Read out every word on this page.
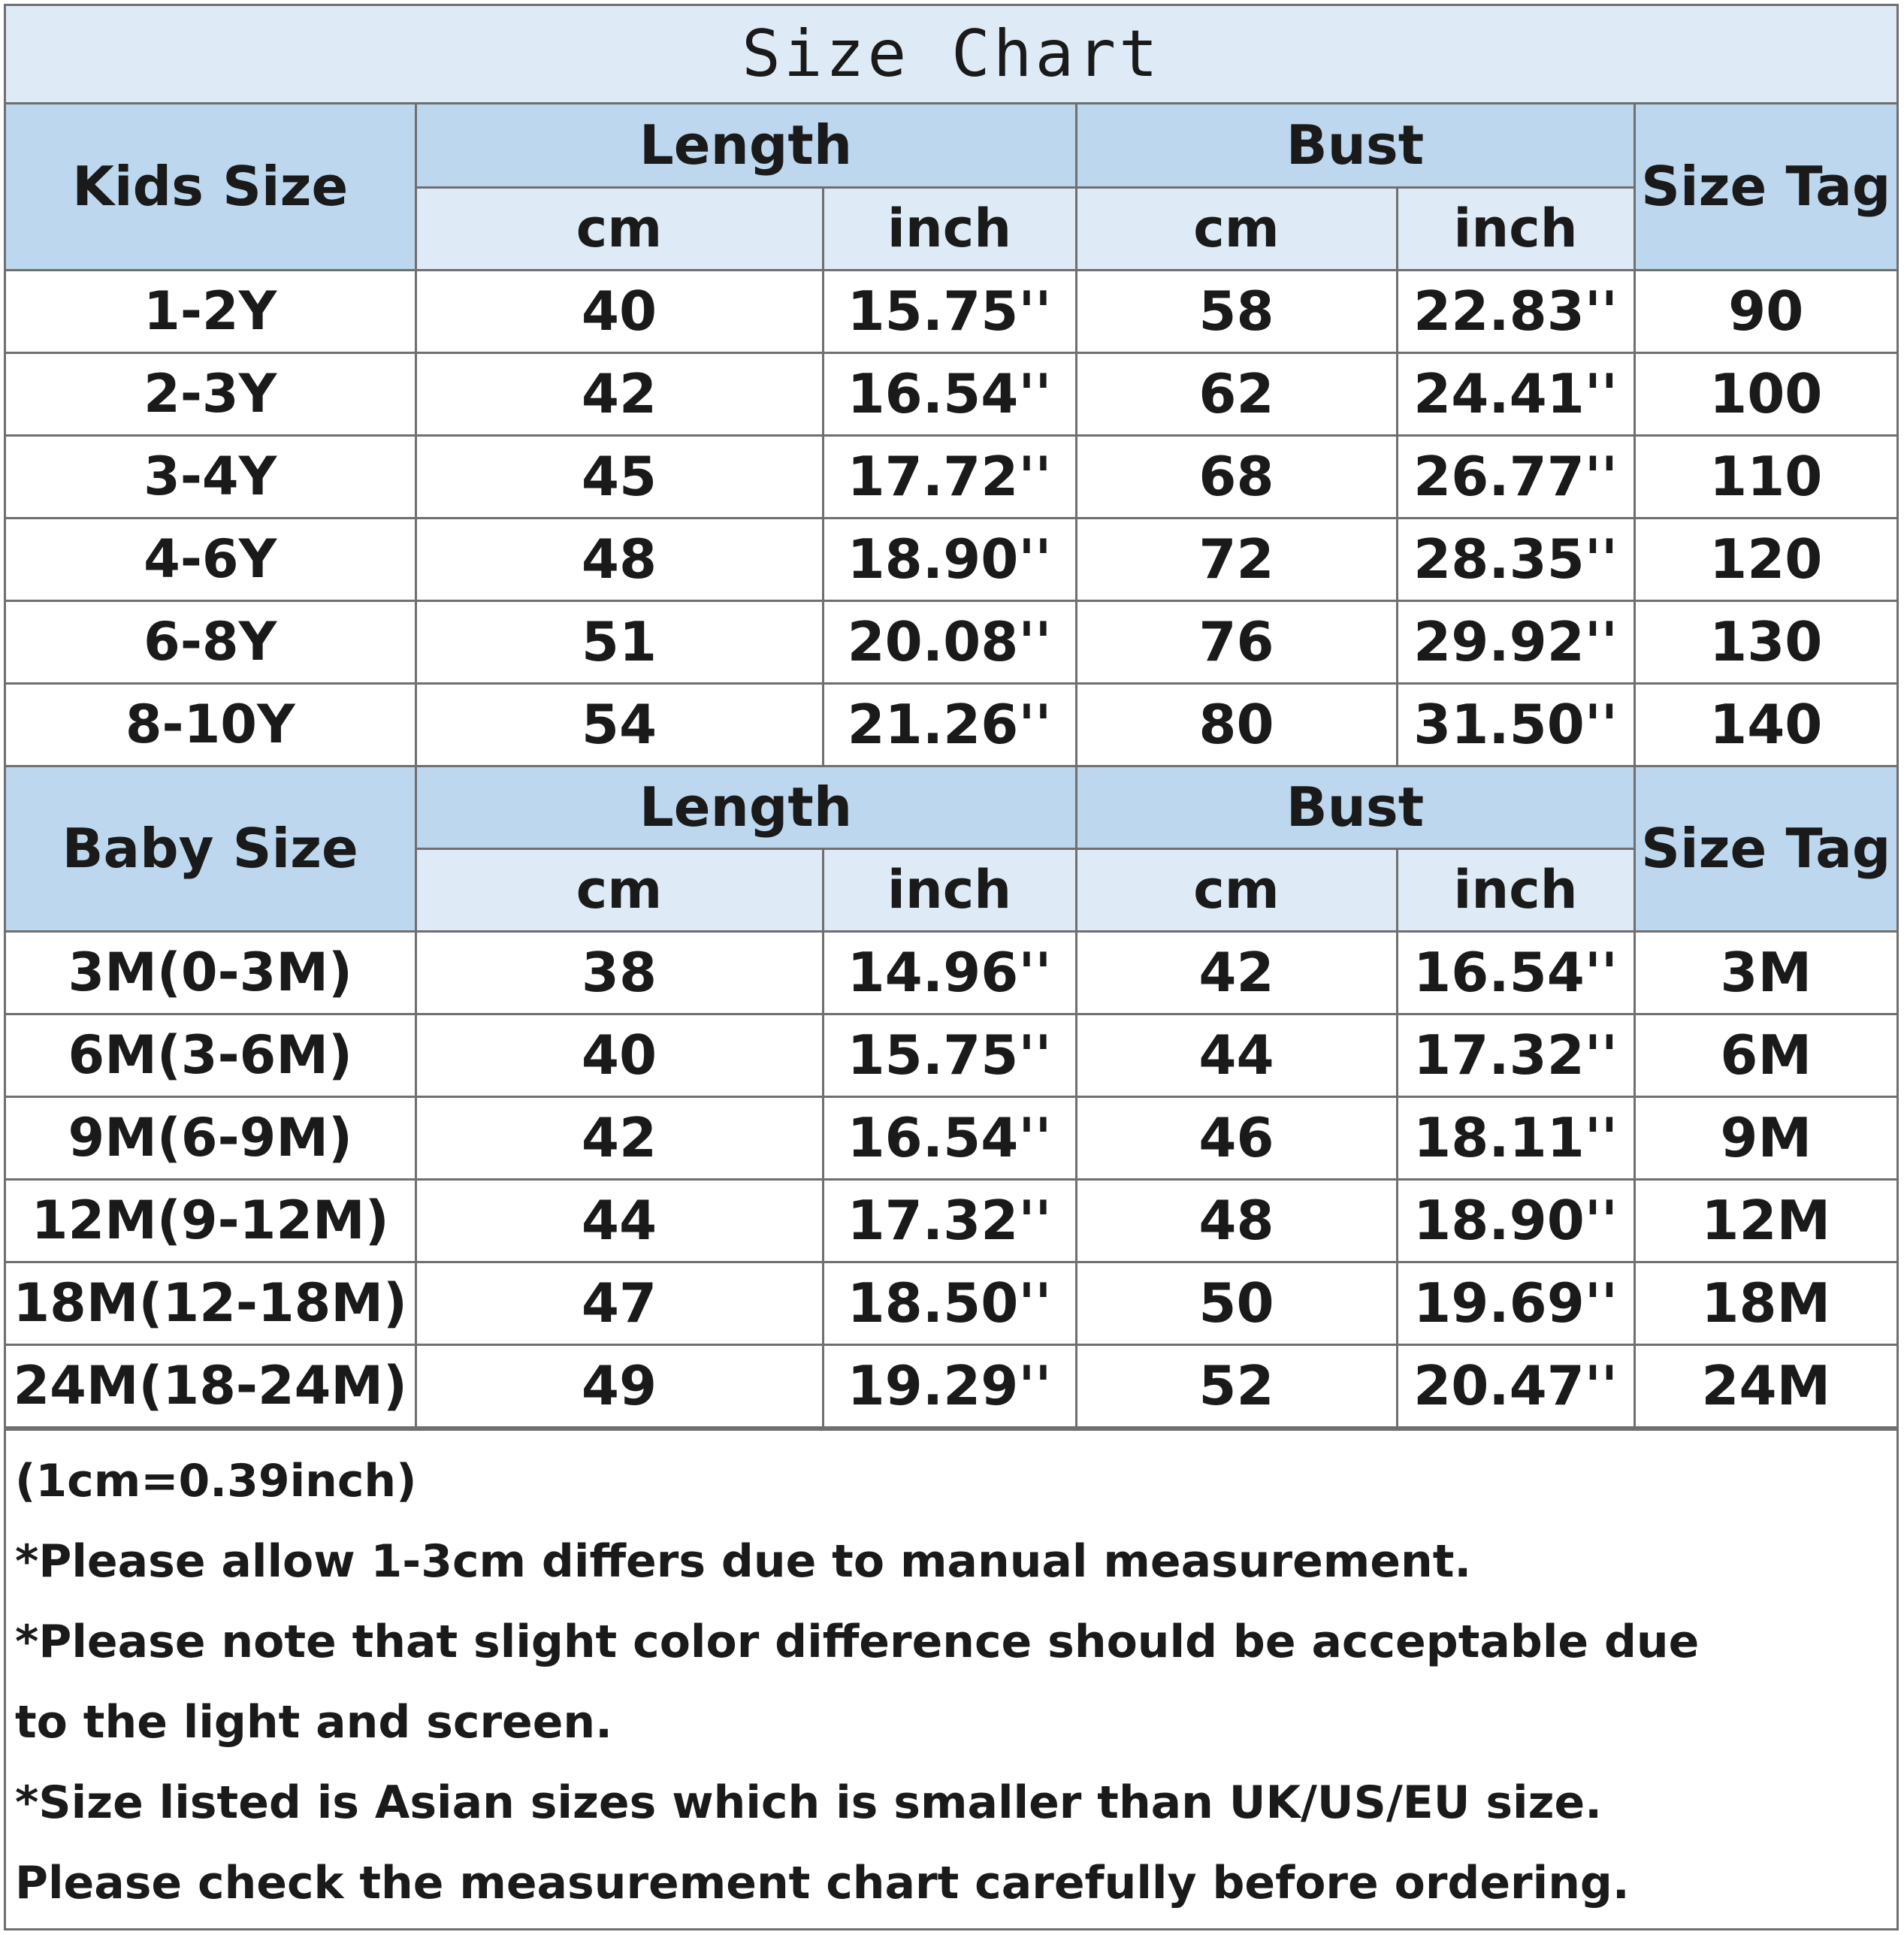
Size Chart
Kids Size	Length		Bust		Size Tag
	cm	inch	cm	inch	
1-2Y	40	15.75''	58	22.83''	90
2-3Y	42	16.54''	62	24.41''	100
3-4Y	45	17.72''	68	26.77''	110
4-6Y	48	18.90''	72	28.35''	120
6-8Y	51	20.08''	76	29.92''	130
8-10Y	54	21.26''	80	31.50''	140
Baby Size	Length		Bust		Size Tag
	cm	inch	cm	inch	
3M(0-3M)	38	14.96''	42	16.54''	3M
6M(3-6M)	40	15.75''	44	17.32''	6M
9M(6-9M)	42	16.54''	46	18.11''	9M
12M(9-12M)	44	17.32''	48	18.90''	12M
18M(12-18M)	47	18.50''	50	19.69''	18M
24M(18-24M)	49	19.29''	52	20.47''	24M
(1cm=0.39inch)
*Please allow 1-3cm differs due to manual measurement.
*Please note that slight color difference should be acceptable due
to the light and screen.
*Size listed is Asian sizes which is smaller than UK/US/EU size.
Please check the measurement chart carefully before ordering.
